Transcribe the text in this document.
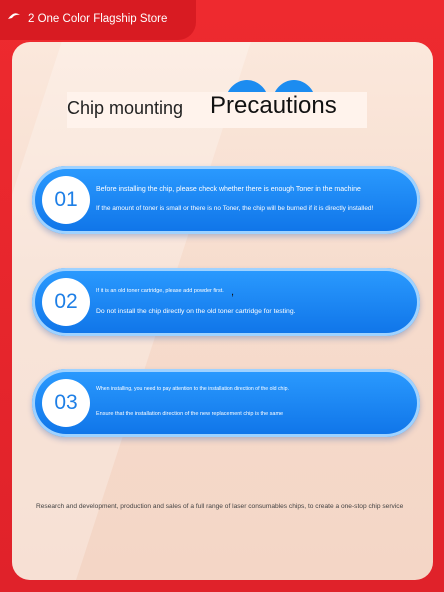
2 One Color Flagship Store
Chip mounting Precautions
01	Before installing the chip, please check whether there is enough Toner in the machine
If the amount of toner is small or there is no Toner, the chip will be burned if it is directly installed!
02	If it is an old toner cartridge, please add powder first.
Do not install the chip directly on the old toner cartridge for testing.
,
03
When installing, you need to pay attention to the installation direction of the old chip.
Ensure that the installation direction of the new replacement chip is the same
Research and development, production and sales of a full range of laser consumables chips, to create a one-stop chip service
